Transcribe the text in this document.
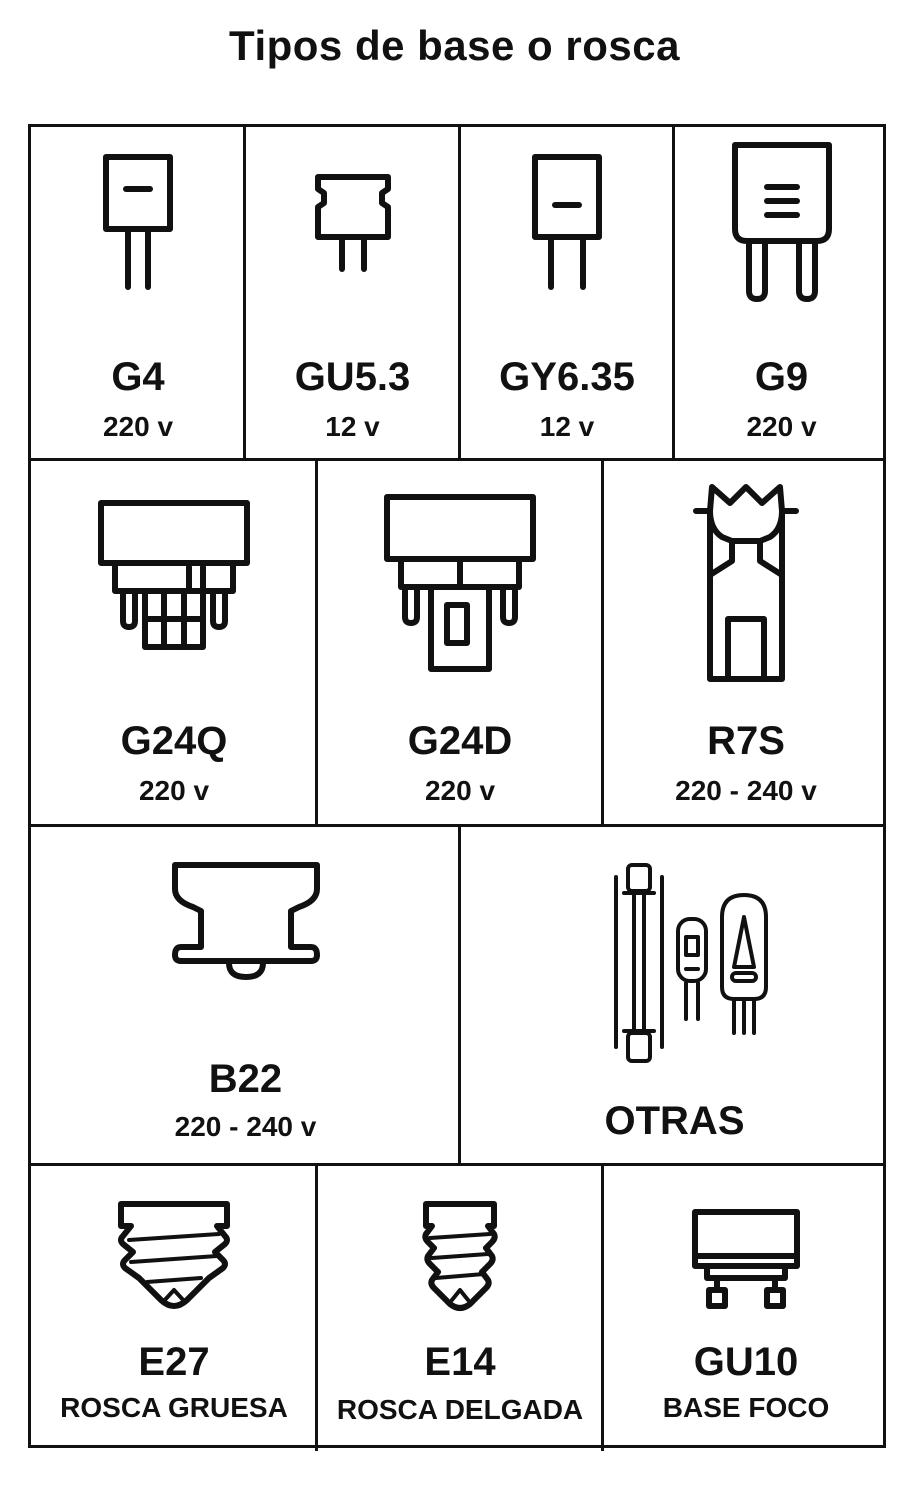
Tipos de base o rosca
G4
220 v
GU5.3
12 v
GY6.35
12 v
G9
220 v
G24Q
220 v
G24D
220 v
R7S
220 - 240 v
B22
220 - 240 v	OTRAS
E27
ROSCA GRUESA
E14
ROSCA DELGADA
GU10
BASE FOCO
